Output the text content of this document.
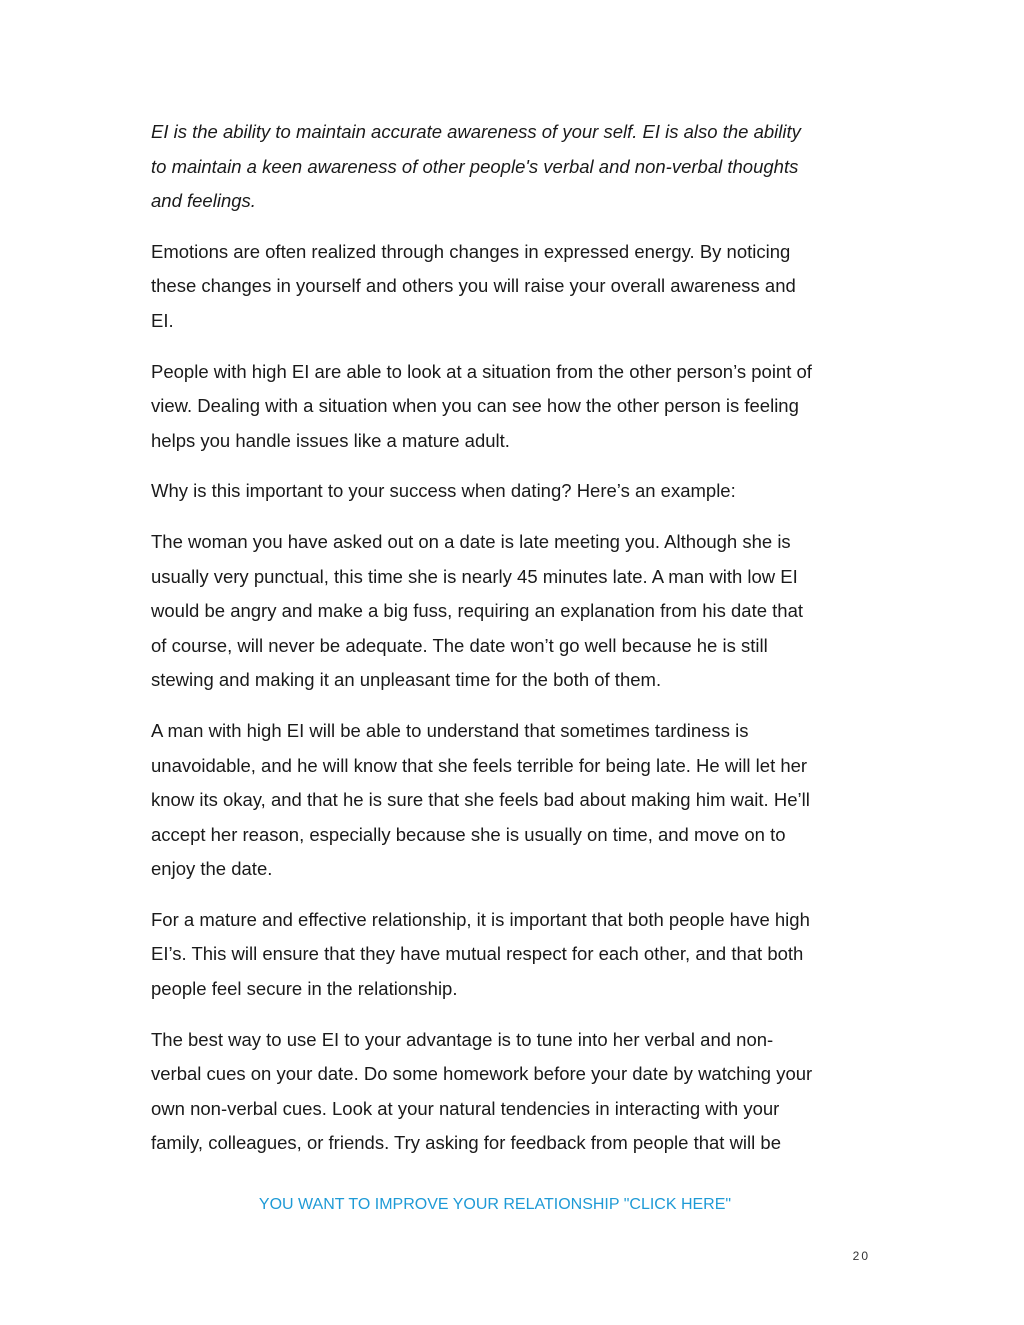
EI is the ability to maintain accurate awareness of your self. EI is also the ability
to maintain a keen awareness of other people's verbal and non-verbal thoughts
and feelings.

Emotions are often realized through changes in expressed energy. By noticing
these changes in yourself and others you will raise your overall awareness and
EI.

People with high EI are able to look at a situation from the other person’s point of
view. Dealing with a situation when you can see how the other person is feeling
helps you handle issues like a mature adult.

Why is this important to your success when dating? Here’s an example:

The woman you have asked out on a date is late meeting you. Although she is
usually very punctual, this time she is nearly 45 minutes late. A man with low EI
would be angry and make a big fuss, requiring an explanation from his date that
of course, will never be adequate. The date won’t go well because he is still
stewing and making it an unpleasant time for the both of them.

A man with high EI will be able to understand that sometimes tardiness is
unavoidable, and he will know that she feels terrible for being late. He will let her
know its okay, and that he is sure that she feels bad about making him wait. He’ll
accept her reason, especially because she is usually on time, and move on to
enjoy the date.

For a mature and effective relationship, it is important that both people have high
EI’s. This will ensure that they have mutual respect for each other, and that both
people feel secure in the relationship.

The best way to use EI to your advantage is to tune into her verbal and non-
verbal cues on your date. Do some homework before your date by watching your
own non-verbal cues. Look at your natural tendencies in interacting with your
family, colleagues, or friends. Try asking for feedback from people that will be

YOU WANT TO IMPROVE YOUR RELATIONSHIP "CLICK HERE"
20
